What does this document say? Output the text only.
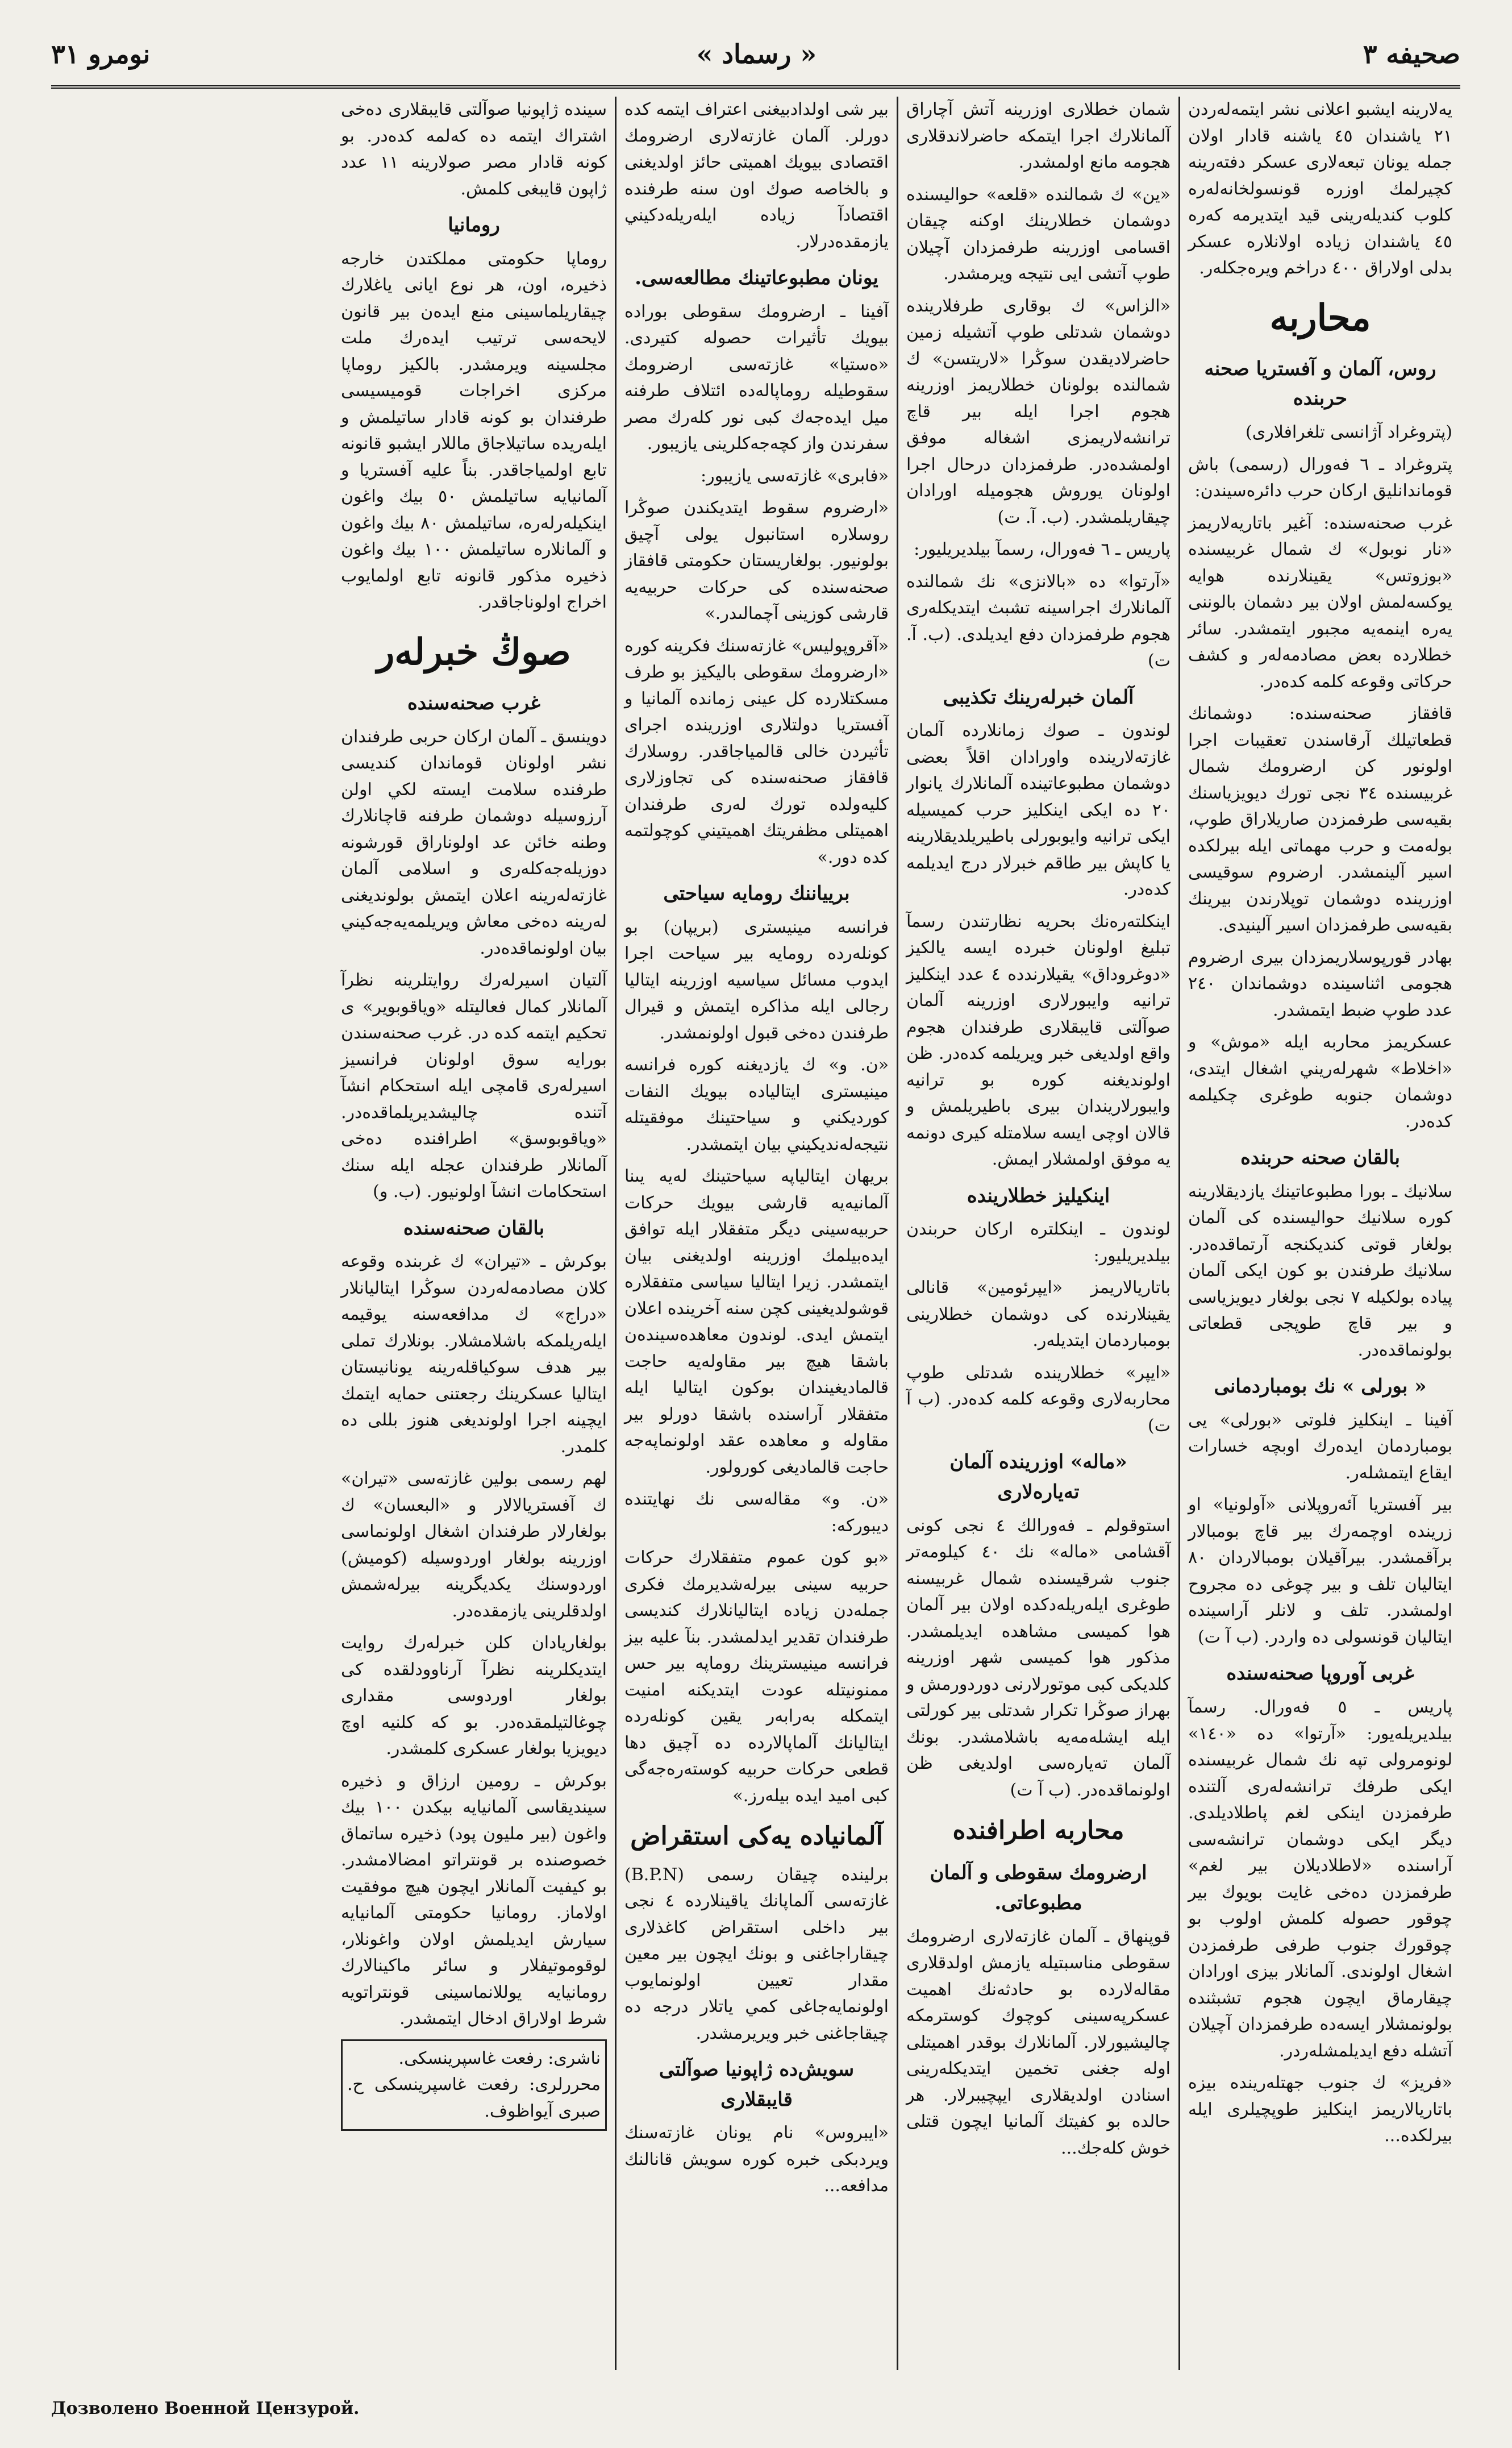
صحيفه ٣
« رسماد »
نومرو ٣١

يەلارينه ايشبو اعلانى نشر ايتمەلەردن ٢١ ياشندان ٤٥ ياشنه قادار اولان جمله يونان تبعەلارى عسكر دفتەرينه كچيرلمك اوزرە قونسولخانەلەرە كلوب كنديلەرينى قيد ايتديرمە كەرە ٤٥ ياشندان زياده اولانلارە عسكر بدلى اولاراق ٤٠٠ دراخم ويرەجكلەر.

محاربه
روس، آلمان و آفستريا صحنه حربنده

(پتروغراد آژانسى تلغرافلارى)

پتروغراد ـ ٦ فەورال (رسمى) باش قوماندانليق اركان حرب دائرەسيندن:

غرب صحنەسنده: آغير باتاريەلاريمز «نار نوبول» ك شمال غربيسنده «بوزوتس» يقينلارنده هوايه يوكسەلمش اولان بير دشمان بالوننى يەره اينمەيه مجبور ايتمشدر. سائر خطلاردە بعض مصادمەلەر و كشف حركاتى وقوعه كلمه كدەدر.

قافقاز صحنەسنده: دوشمانك قطعاتيلك آرقاسندن تعقيبات اجرا اولونور كن ارضرومك شمال غربيسنده ٣٤ نجى تورك ديويزياسنك بقيەسى طرفمزدن صاريلاراق طوپ، بولەمت و حرب مهماتى ايله بيرلكده اسير آلينمشدر. ارضروم سوقيسى اوزرينده دوشمان توپلارندن بيرينك بقيەسى طرفمزدان اسير آلينيدى.

بهادر قورپوسلاريمزدان بيرى ارضروم هجومى اثناسينده دوشماندان ٢٤٠ عدد طوپ ضبط ايتمشدر.

عسكريمز محاربه ايله «موش» و «اخلاط» شهرلەريني اشغال ايتدى، دوشمان جنوبه طوغرى چكيلمه كدەدر.

بالقان صحنه حربنده

سلانيك ـ بورا مطبوعاتينك يازديقلارينه كوره سلانيك حواليسنده كى آلمان بولغار قوتى كنديكنجه آرتماقدەدر. سلانيك طرفندن بو كون ايكى آلمان پياده بولكيله ٧ نجى بولغار ديويزياسى و بير قاچ طوپجى قطعاتى بولونماقدەدر.

« بورلى » نك بومباردمانى

آفينا ـ اينكليز فلوتى «بورلى» يى بومباردمان ايدەرك اوبچه خسارات ايقاع ايتمشلەر.

بير آفستريا آئەروپلانى «آولونيا» او زرينده اوچمەرك بير قاچ بومبالار برآقمشدر. بيرآقيلان بومبالاردان ٨٠ ايتاليان تلف و بير چوغى دە مجروح اولمشدر. تلف و لانلر آراسينده ايتاليان قونسولى ده واردر. (ب آ ت)

غربى آوروپا صحنەسنده

پاريس ـ ٥ فەورال. رسمآ بيلديريلەيور: «آرتوا» ده «١٤٠» لونومرولى تپه نك شمال غربيسنده ايكى طرفك ترانشەلەرى آلتنده طرفمزدن اينكى لغم پاطلاديلدى. ديگر ايكى دوشمان ترانشەسى آراسنده «لاطلاديلان بير لغم» طرفمزدن دەخى غايت بويوك بير چوقور حصوله كلمش اولوب بو چوقورك جنوب طرفى طرفمزدن اشغال اولوندى. آلمانلار بيزى اورادان چيقارماق ايچون هجوم تشبثنده بولونمشلار ايسەده طرفمزدان آچيلان آتشله دفع ايديلمشلەردر.

«فريز» ك جنوب جهتلەرينده بيزه باتاريالاريمز اينكليز طوپچيلرى ايله بيرلكده...

شمان خطلارى اوزرينه آتش آچاراق آلمانلارك اجرا ايتمكه حاضرلاندقلارى هجومه مانع اولمشدر.

«ين» ك شمالنده «قلعه» حواليسنده دوشمان خطلارينك اوكنه چيقان اقسامى اوزرينه طرفمزدان آچيلان طوپ آتشى ايى نتيجه ويرمشدر.

«الزاس» ك بوقارى طرفلارينده دوشمان شدتلى طوپ آتشيله زمين حاضرلاديقدن سوڭرا «لاريتسن» ك شمالنده بولونان خطلاريمز اوزرينه هجوم اجرا ايله بير قاچ ترانشەلاريمزى اشغاله موفق اولمشدەدر. طرفمزدان درحال اجرا اولونان يوروش هجوميله اورادان چيقاريلمشدر. (ب. آ. ت)

پاريس ـ ٦ فەورال، رسمآ بيلديريليور:

«آرتوا» ده «بالانزى» نك شمالنده آلمانلارك اجراسينه تشبث ايتديكلەرى هجوم طرفمزدان دفع ايديلدى. (ب. آ. ت)

آلمان خبرلەرينك تكذيبى

لوندون ـ صوك زمانلارده آلمان غازتەلارينده واورادان اقلاً بعضى دوشمان مطبوعاتينده آلمانلارك يانوار ٢٠ ده ايكى اينكليز حرب كميسيله ايكى ترانيه وايوبورلى باطيريلديقلارينه يا كاپش بير طاقم خبرلار درج ايديلمه كدەدر.

اينكلتەرەنك بحريه نظارتندن رسمآ تبليغ اولونان خبرده ايسه يالكيز «دوغروداق» يقيلارندده ٤ عدد اينكليز ترانيه وايبورلارى اوزرينه آلمان صوآلتى قايبقلارى طرفندان هجوم واقع اولديغى خبر ويريلمه كدەدر. ظن اولونديغنه كوره بو ترانيه وايبورلاريندان بيرى باطيريلمش و قالان اوچى ايسه سلامتله كيرى دونمه يه موفق اولمشلار ايمش.

اينكيليز خطلاريندە

لوندون ـ اينكلترە اركان حربندن بيلديريليور:

باتاريالاريمز «ايپرئومين» قانالى يقينلارنده كى دوشمان خطلارينى بومباردمان ايتديلەر.

«ايپر» خطلارينده شدتلى طوپ محاربەلارى وقوعه كلمه كدەدر. (ب آ ت)

«ماله» اوزرينده آلمان تەيارەلارى

استوقولم ـ فەورالك ٤ نجى كونى آقشامى «ماله» نك ٤٠ كيلومەتر جنوب شرقيسنده شمال غربيسنه طوغرى ايلەريلەدكده اولان بير آلمان هوا كميسى مشاهده ايديلمشدر. مذكور هوا كميسى شهر اوزرينه كلديكى كبى موتورلارنى دوردورمش و بهراز صوڭرا تكرار شدتلى بير كورلتى ايله ايشلەمەيه باشلامشدر. بونك آلمان تەيارەسى اولديغى ظن اولونماقدەدر. (ب آ ت)

محاربه اطرافنده
ارضرومك سقوطى و آلمان مطبوعاتى.

قوپنهاق ـ آلمان غازتەلارى ارضرومك سقوطى مناسبتيله يازمش اولدقلارى مقالەلاردە بو حادثەنك اهميت عسكرپەسينى كوچوك كوسترمكه چاليشيورلار. آلمانلارك بوقدر اهميتلى اوله جغنى تخمين ايتديكلەرينى اسنادن اولديقلارى ايپچيبرلار. هر حالده بو كفيتك آلمانيا ايچون قتلى خوش كلەجك...

بير شى اولدادبيغنى اعتراف ايتمه كده دورلر. آلمان غازتەلارى ارضرومك اقتصادى بيويك اهميتى حائز اولديغنى و بالخاصه صوك اون سنه طرفنده اقتصادآ زياده ايلەريلەدكيني يازمقدەدرلار.

يونان مطبوعاتينك مطالعەسى.

آفينا ـ ارضرومك سقوطى بورادە بيويك تأثيرات حصوله كتيردى. «ەستيا» غازتەسى ارضرومك سقوطيله روماپالەدە ائتلاف طرفنه ميل ايدەجەك كبى نور كلەرك مصر سفرندن واز كچەجەكلرينى يازيبور.

«فابرى» غازتەسى يازيبور:

«ارضروم سقوط ايتديكندن صوڭرا روسلارە استانبول يولى آچيق بولونيور. بولغاريستان حكومتى قافقاز صحنەسنده كى حركات حربيەيه قارشى كوزينى آچمالىدر.»

«آقروپوليس» غازتەسنك فكرينه كوره «ارضرومك سقوطى باليكيز بو طرف مسكتلاردە كل عينى زمانده آلمانيا و آفستريا دولتلارى اوزرينده اجراى تأثيردن خالى قالمياجاقدر. روسلارك قافقاز صحنەسنده كى تجاوزلارى كليەولده تورك لەرى طرفندان اهميتلى مظفريتك اهميتيني كوچولتمه كده دور.»

بريياننك رومايه سياحتى

فرانسه مينيسترى (بريپان) بو كونلەرده رومايه بير سياحت اجرا ايدوب مسائل سياسيه اوزرينه ايتاليا رجالى ايله مذاكره ايتمش و قيرال طرفندن دەخى قبول اولونمشدر.

«ن. و» ك يازديغنه كوره فرانسه مينيسترى ايتاليادە بيويك النفات كورديكني و سياحتينك موفقيتله نتيجەلەنديكيني بيان ايتمشدر.

بريهان ايتالياپه سياحتينك لەيه يىنا آلمانيەيه قارشى بيويك حركات حربيەسينى ديگر متفقلار ايله توافق ايدەبيلمك اوزرينه اولديغنى بيان ايتمشدر. زيرا ايتاليا سياسى متفقلارە قوشولديغينى كچن سنه آخرينده اعلان ايتمش ايدى. لوندون معاهدەسيندەن باشقا هيچ بير مقاولەيه حاجت قالماديغيندان بوكون ايتاليا ايله متفقلار آراسنده باشقا دورلو بير مقاوله و معاهده عقد اولونماپەجه حاجت قالماديغى كورولور.

«ن. و» مقالەسى نك نهايتنده ديبوركه:

«بو كون عموم متفقلارك حركات حربيه سينى بيرلەشديرمك فكرى جملەدن زياده ايتاليانلارك كنديسى طرفندان تقدير ايدلمشدر. بنآ عليه بيز فرانسه مينيسترينك روماپه بير حس ممنونيتله عودت ايتديكنه امنيت ايتمكله بەرابەر يقين كونلەردە ايتاليانك آلماپالاردە ده آچيق دها قطعى حركات حربيه كوستەرەجەگى كبى اميد ايده بيلەرز.»

آلمانياده يەكى استقراض

برلينده چيقان رسمى (B.P.N) غازتەسى آلماپانك ياقينلاردە ٤ نجى بير داخلى استقراض كاغذلارى چيقاراجاغنى و بونك ايچون بير معين مقدار تعيين اولونمايوب اولونمايەجاغى كمي ياتلار درجه ده چيقاجاغنى خبر ويريرمشدر.

سويش‌ده ژاپونيا صوآلتى قايبقلارى

«ايبروس» نام يونان غازتەسنك ويردبكى خبره كوره سويش قانالنك مدافعه...

سينده ژاپونيا صوآلتى قايبقلارى دەخى اشتراك ايتمه ده كەلمه كدەدر. بو كونه قادار مصر صولارينه ١١ عدد ژاپون قايبغى كلمش.

رومانيا

روماپا حكومتى مملكتدن خارجه ذخيره، اون، هر نوع ايانى ياغلارك چيقاريلماسينى منع ايدەن بير قانون لايحەسى ترتيب ايدەرك ملت مجلسينه ويرمشدر. بالكيز روماپا مركزى اخراجات قوميسيسى طرفندان بو كونه قادار ساتيلمش و ايلەريده ساتيلاجاق ماللار ايشبو قانونه تابع اولمياجاقدر. بناً عليه آفستريا و آلمانيايه ساتيلمش ٥٠ بيك واغون اينكيلەرلەره، ساتيلمش ٨٠ بيك واغون و آلمانلاره ساتيلمش ١٠٠ بيك واغون ذخيره مذكور قانونه تابع اولمايوب اخراج اولوناجاقدر.

صوڭ خبرلەر
غرب صحنەسنده

دوينسق ـ آلمان اركان حربى طرفندان نشر اولونان قوماندان كنديسى طرفنده سلامت ايسته لكي اولن آرزوسيله دوشمان طرفنه قاچانلارك وطنه خائن عد اولوناراق قورشونه دوزيلەجەكلەرى و اسلامى آلمان غازتەلەرينه اعلان ايتمش بولونديغنى لەرينه دەخى معاش ويريلمەيەجەكيني بيان اولونماقدەدر.

آلتيان اسيرلەرك روايتلرينه نظرآ آلمانلار كمال فعاليتله «وياقوبوير» ى تحكيم ايتمه كده در. غرب صحنەسندن بورايه سوق اولونان فرانسيز اسيرلەرى قامچى ايله استحكام انشآ آتنده چاليشديريلماقدەدر. «وياقوبوسق» اطرافنده دەخى آلمانلار طرفندان عجله ايله سنك استحكامات انشآ اولونيور. (ب. و)

بالقان صحنەسنده

بوكرش ـ «تيران» ك غربنده وقوعه كلان مصادمەلەردن سوڭرا ايتاليانلار «دراج» ك مدافعەسنه يوقيمه ايلەريلمكه باشلامشلار. بونلارك تملى بير هدف سوكياقلەرينه يونانيستان ايتاليا عسكرينك رجعتنى حمايه ايتمك ايچينه اجرا اولونديغى هنوز بللى ده كلمدر.

لهم رسمى بولين غازتەسى «تيران» ك آفستريالالار و «البعسان» ك بولغارلار طرفندان اشغال اولونماسى اوزرينه بولغار اوردوسيله (كوميش) اوردوسنك يكديگرينه بيرلەشمش اولدقلرينى يازمقدەدر.

بولغاريادان كلن خبرلەرك روايت ايتديكلرينه نظرآ آرناوودلقده كى بولغار اوردوسى مقدارى چوغالتيلمقدەدر. بو كه كلنيه اوچ ديويزيا بولغار عسكرى كلمشدر.

بوكرش ـ رومين ارزاق و ذخيره سينديقاسى آلمانيايه بيكدن ١٠٠ بيك واغون (بير مليون پود) ذخيره ساتماق خصوصنده بر قونتراتو امضالامشدر. بو كيفيت آلمانلار ايچون هيچ موفقيت اولاماز. رومانيا حكومتى آلمانيايه سيارش ايديلمش اولان واغونلار، لوقوموتيفلار و سائر ماكينالارك رومانيايه يوللانماسينى قونتراتويه شرط اولاراق ادخال ايتمشدر.

ناشرى: رفعت غاسپرينسكى.
محررلرى: رفعت غاسپرينسكى ح. صبرى آيواظوف.
Дозволено Военной Цензурой.
